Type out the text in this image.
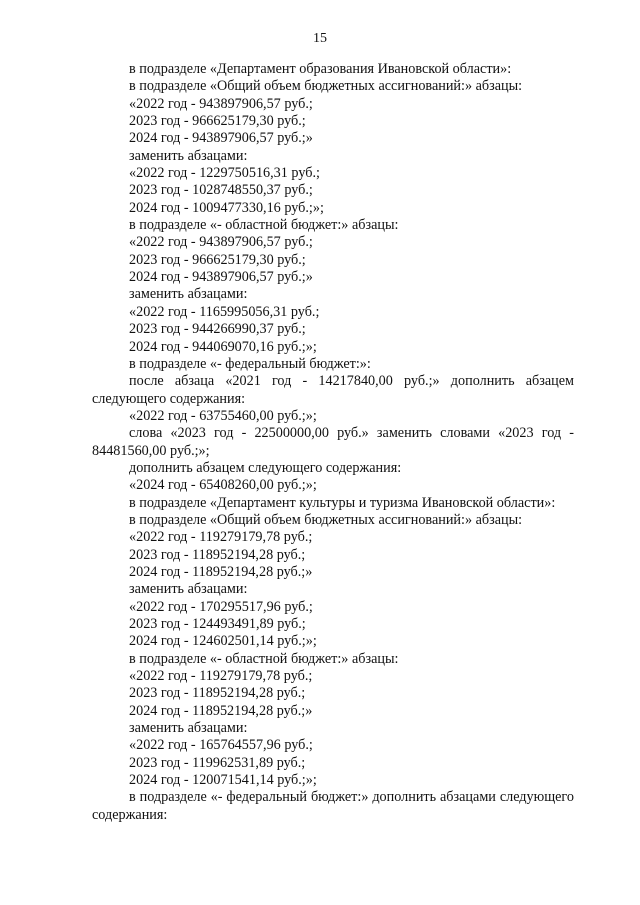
15

в подразделе «Департамент образования Ивановской области»:

в подразделе «Общий объем бюджетных ассигнований:» абзацы:

«2022 год - 943897906,57 руб.;

2023 год - 966625179,30 руб.;

2024 год - 943897906,57 руб.;»

заменить абзацами:

«2022 год - 1229750516,31 руб.;

2023 год - 1028748550,37 руб.;

2024 год - 1009477330,16 руб.;»;

в подразделе «- областной бюджет:» абзацы:

«2022 год - 943897906,57 руб.;

2023 год - 966625179,30 руб.;

2024 год - 943897906,57 руб.;»

заменить абзацами:

«2022 год - 1165995056,31 руб.;

2023 год - 944266990,37 руб.;

2024 год - 944069070,16 руб.;»;

в подразделе «- федеральный бюджет:»:

после абзаца «2021 год - 14217840,00 руб.;» дополнить абзацем следующего содержания:

«2022 год - 63755460,00 руб.;»;

слова «2023 год - 22500000,00 руб.» заменить словами «2023 год - 84481560,00 руб.;»;

дополнить абзацем следующего содержания:

«2024 год - 65408260,00 руб.;»;

в подразделе «Департамент культуры и туризма Ивановской области»:

в подразделе «Общий объем бюджетных ассигнований:» абзацы:

«2022 год - 119279179,78 руб.;

2023 год - 118952194,28 руб.;

2024 год - 118952194,28 руб.;»

заменить абзацами:

«2022 год - 170295517,96 руб.;

2023 год - 124493491,89 руб.;

2024 год - 124602501,14 руб.;»;

в подразделе «- областной бюджет:» абзацы:

«2022 год - 119279179,78 руб.;

2023 год - 118952194,28 руб.;

2024 год - 118952194,28 руб.;»

заменить абзацами:

«2022 год - 165764557,96 руб.;

2023 год - 119962531,89 руб.;

2024 год - 120071541,14 руб.;»;

в подразделе «- федеральный бюджет:» дополнить абзацами следующего содержания:
